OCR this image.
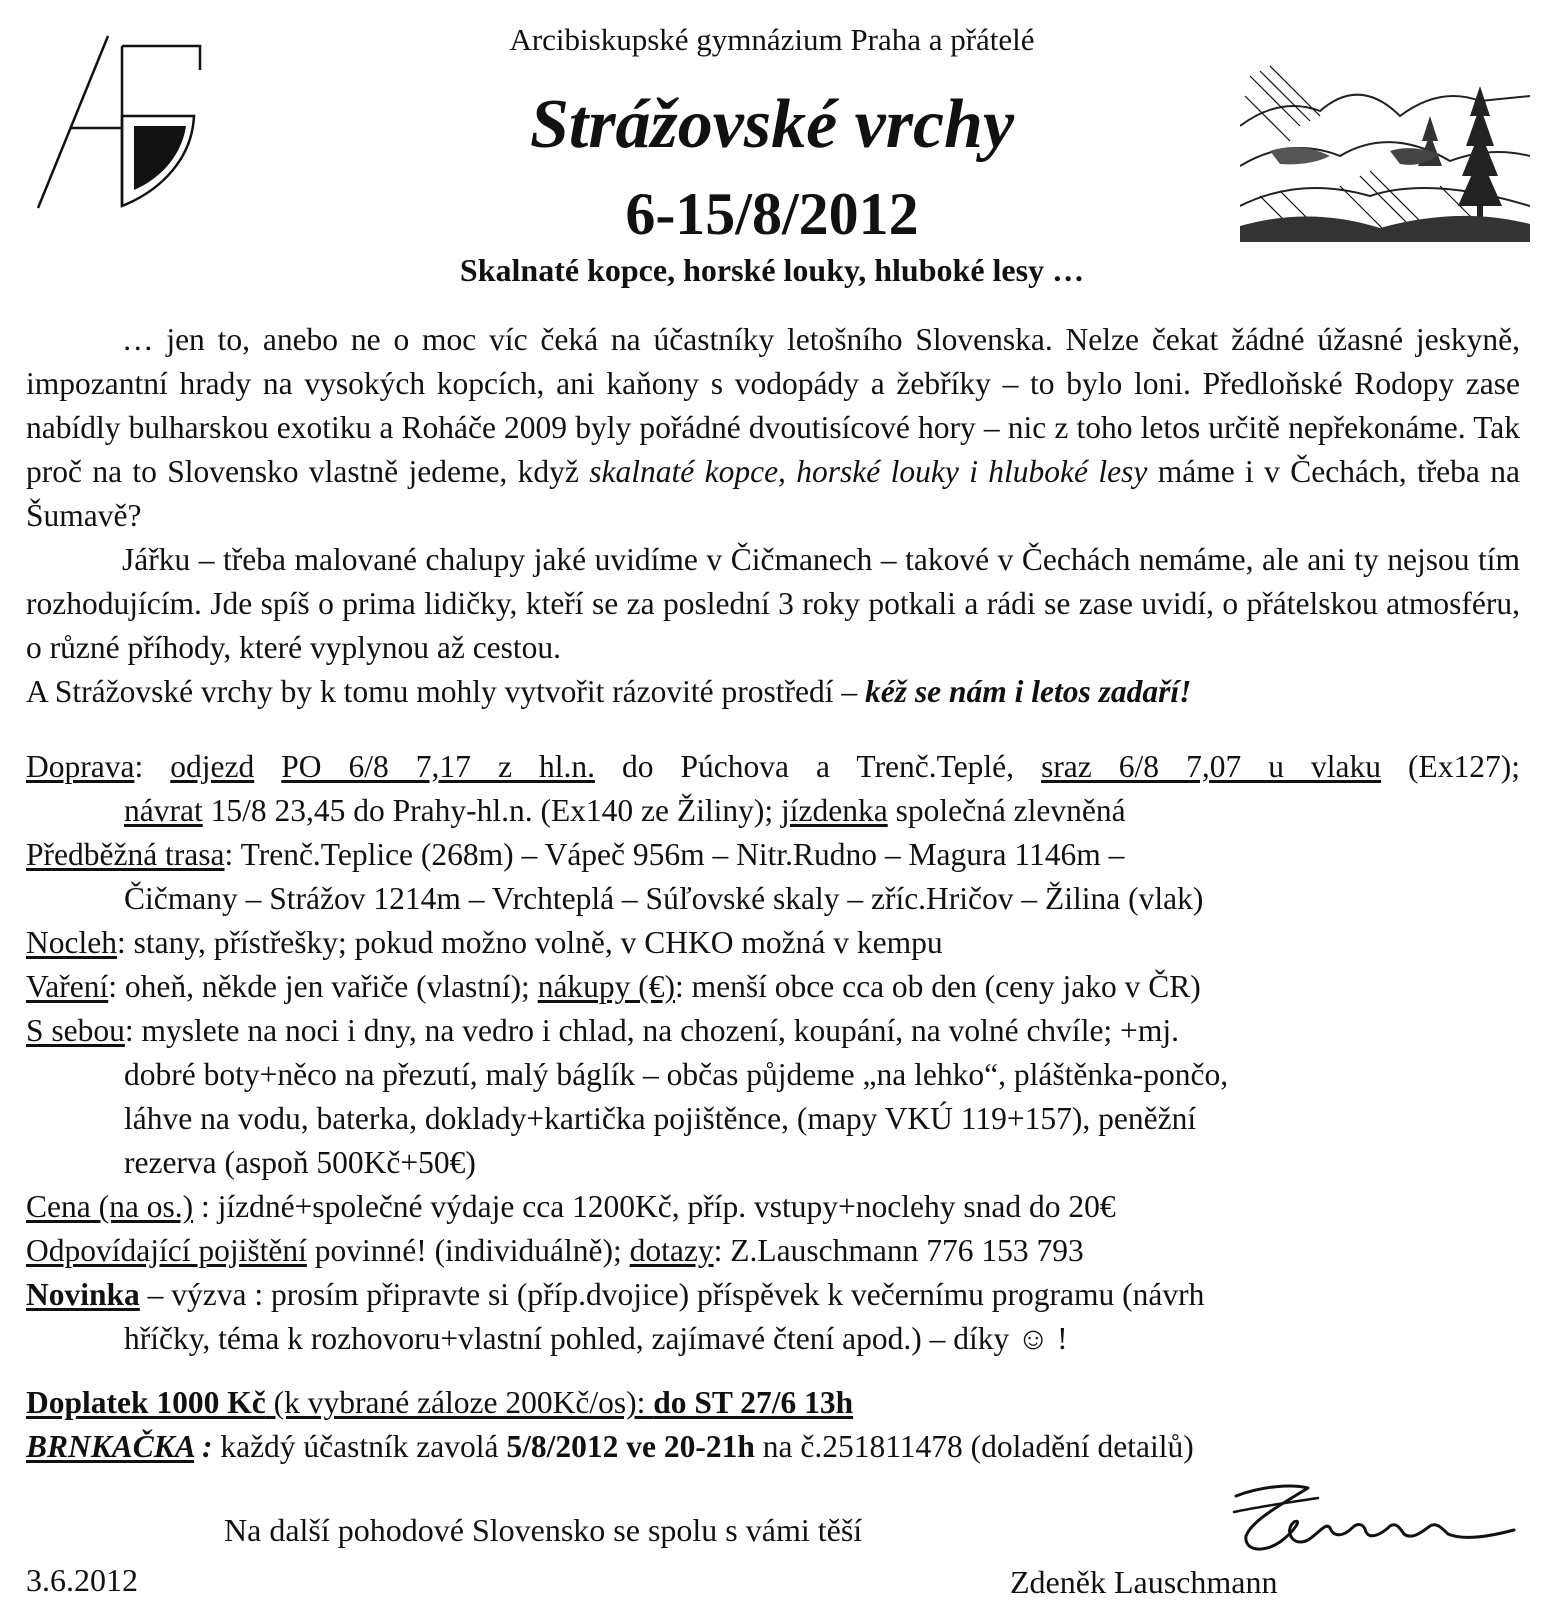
Arcibiskupské gymnázium Praha a přátelé
Strážovské vrchy
6-15/8/2012
Skalnaté kopce, horské louky, hluboké lesy …

… jen to, anebo ne o moc víc čeká na účastníky letošního Slovenska. Nelze čekat žádné úžasné jeskyně, impozantní hrady na vysokých kopcích, ani kaňony s vodopády a žebříky – to bylo loni. Předloňské Rodopy zase nabídly bulharskou exotiku a Roháče 2009 byly pořádné dvoutisícové hory – nic z toho letos určitě nepřekonáme. Tak proč na to Slovensko vlastně jedeme, když skalnaté kopce, horské louky i hluboké lesy máme i v Čechách, třeba na Šumavě?

Jářku – třeba malované chalupy jaké uvidíme v Čičmanech – takové v Čechách nemáme, ale ani ty nejsou tím rozhodujícím. Jde spíš o prima lidičky, kteří se za poslední 3 roky potkali a rádi se zase uvidí, o přátelskou atmosféru, o různé příhody, které vyplynou až cestou.

A Strážovské vrchy by k tomu mohly vytvořit rázovité prostředí – kéž se nám i letos zadaří!

Doprava: odjezd PO 6/8 7,17 z hl.n. do Púchova a Trenč.Teplé, sraz 6/8 7,07 u vlaku (Ex127);
návrat 15/8 23,45 do Prahy-hl.n. (Ex140 ze Žiliny); jízdenka společná zlevněná
Předběžná trasa: Trenč.Teplice (268m) – Vápeč 956m – Nitr.Rudno – Magura 1146m –
Čičmany – Strážov 1214m – Vrchteplá – Súľovské skaly – zříc.Hričov – Žilina (vlak)
Nocleh: stany, přístřešky; pokud možno volně, v CHKO možná v kempu
Vaření: oheň, někde jen vařiče (vlastní); nákupy (€): menší obce cca ob den (ceny jako v ČR)
S sebou: myslete na noci i dny, na vedro i chlad, na chození, koupání, na volné chvíle; +mj.
dobré boty+něco na přezutí, malý báglík – občas půjdeme „na lehko“, pláštěnka-pončo,
láhve na vodu, baterka, doklady+kartička pojištěnce, (mapy VKÚ 119+157), peněžní
rezerva (aspoň 500Kč+50€)
Cena (na os.) : jízdné+společné výdaje cca 1200Kč, příp. vstupy+noclehy snad do 20€
Odpovídající pojištění povinné! (individuálně); dotazy: Z.Lauschmann 776 153 793
Novinka – výzva : prosím připravte si (příp.dvojice) příspěvek k večernímu programu (návrh
hříčky, téma k rozhovoru+vlastní pohled, zajímavé čtení apod.) – díky ☺ !
Doplatek 1000 Kč (k vybrané záloze 200Kč/os): do ST 27/6 13h
BRNKAČKA : každý účastník zavolá 5/8/2012 ve 20-21h na č.251811478 (doladění detailů)
Na další pohodové Slovensko se spolu s vámi těší
3.6.2012	Zdeněk Lauschmann
